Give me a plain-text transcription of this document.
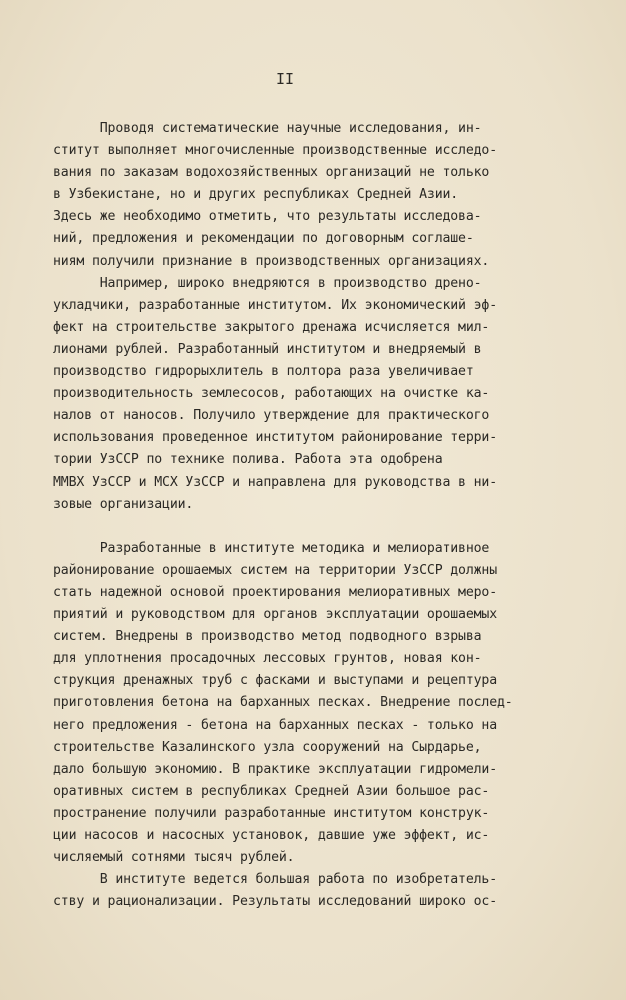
II
Проводя систематические научные исследования, ин-
ститут выполняет многочисленные производственные исследо-
вания по заказам водохозяйственных организаций не только
в Узбекистане, но и других республиках Средней Азии.
Здесь же необходимо отметить, что результаты исследова-
ний, предложения и рекомендации по договорным соглаше-
ниям получили признание в производственных организациях.
Например, широко внедряются в производство дрено-
укладчики, разработанные институтом. Их экономический эф-
фект на строительстве закрытого дренажа исчисляется мил-
лионами рублей. Разработанный институтом и внедряемый в
производство гидрорыхлитель в полтора раза увеличивает
производительность землесосов, работающих на очистке ка-
налов от наносов. Получило утверждение для практического
использования проведенное институтом районирование терри-
тории УзССР по технике полива. Работа эта одобрена
ММВХ УзССР и МСХ УзССР и направлена для руководства в ни-
зовые организации.
Разработанные в институте методика и мелиоративное
районирование орошаемых систем на территории УзССР должны
стать надежной основой проектирования мелиоративных меро-
приятий и руководством для органов эксплуатации орошаемых
систем. Внедрены в производство метод подводного взрыва
для уплотнения просадочных лессовых грунтов, новая кон-
струкция дренажных труб с фасками и выступами и рецептура
приготовления бетона на барханных песках. Внедрение послед-
него предложения - бетона на барханных песках - только на
строительстве Казалинского узла сооружений на Сырдарье,
дало большую экономию. В практике эксплуатации гидромели-
оративных систем в республиках Средней Азии большое рас-
пространение получили разработанные институтом конструк-
ции насосов и насосных установок, давшие уже эффект, ис-
числяемый сотнями тысяч рублей.
В институте ведется большая работа по изобретатель-
ству и рационализации. Результаты исследований широко ос-
